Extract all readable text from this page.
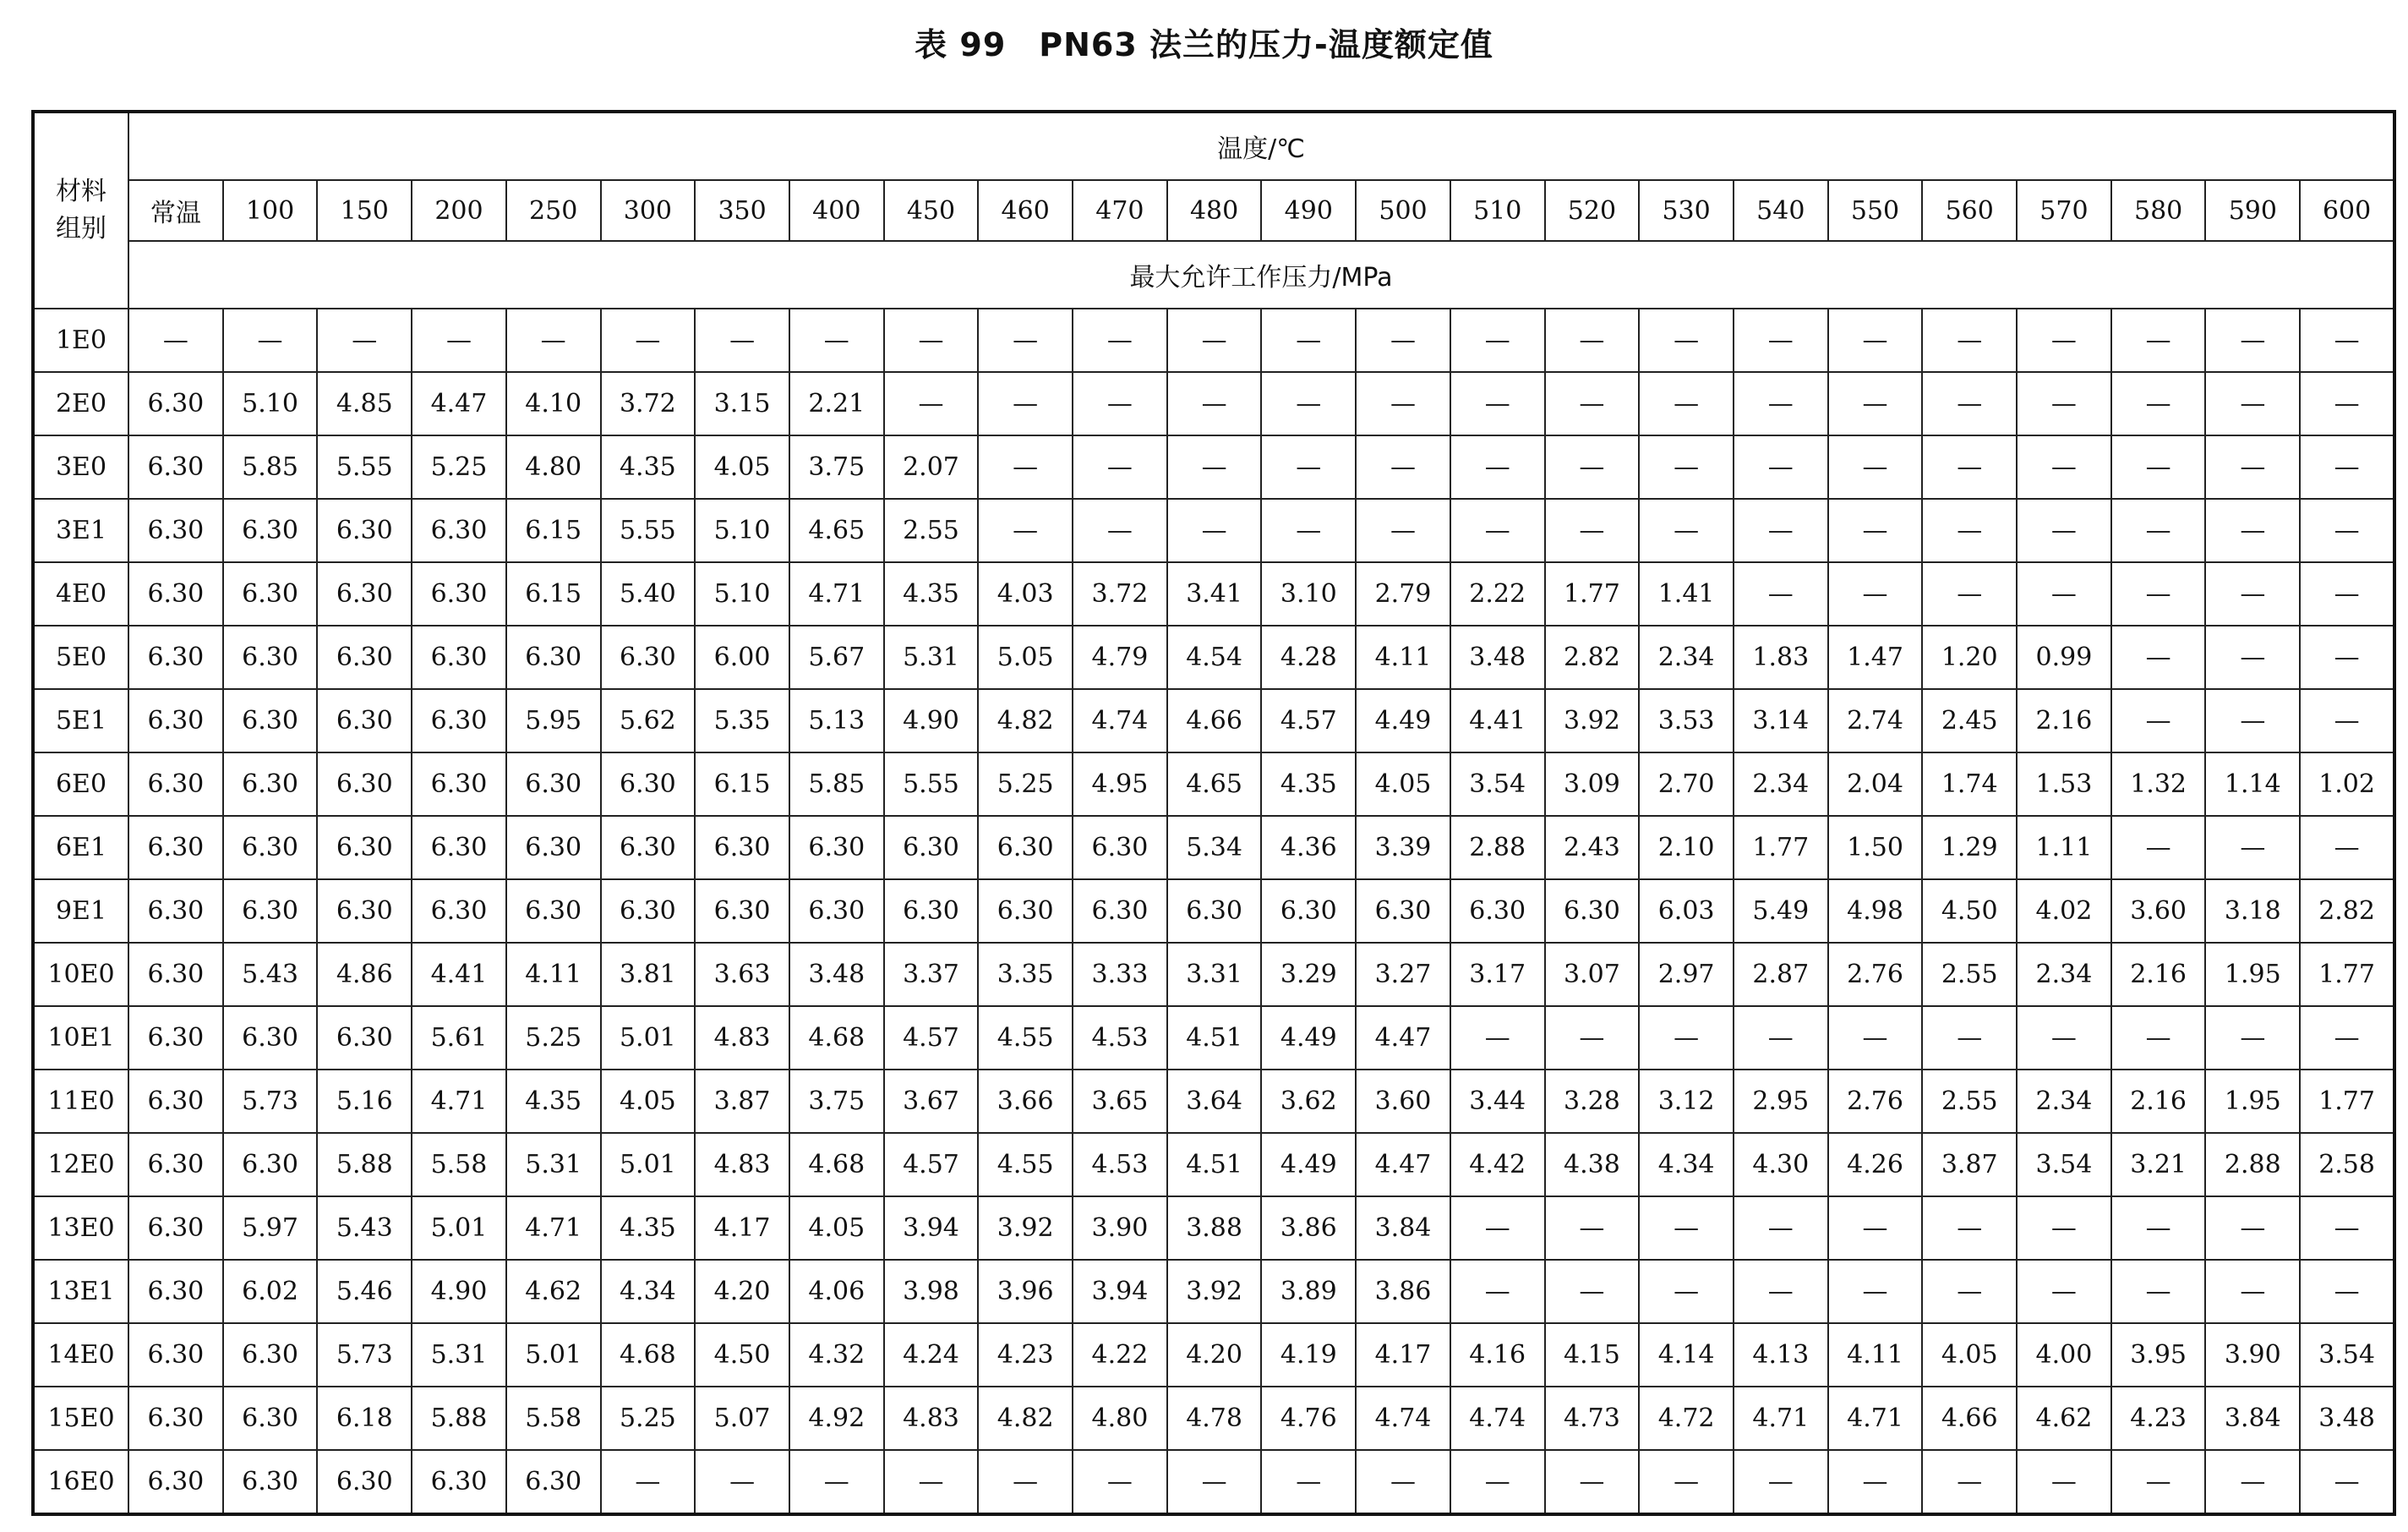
表 99　PN63 法兰的压力-温度额定值
材料组别	温度/℃																							
	常温	100	150	200	250	300	350	400	450	460	470	480	490	500	510	520	530	540	550	560	570	580	590	600
	最大允许工作压力/MPa																							
1E0	—	—	—	—	—	—	—	—	—	—	—	—	—	—	—	—	—	—	—	—	—	—	—	—
2E0	6.30	5.10	4.85	4.47	4.10	3.72	3.15	2.21	—	—	—	—	—	—	—	—	—	—	—	—	—	—	—	—
3E0	6.30	5.85	5.55	5.25	4.80	4.35	4.05	3.75	2.07	—	—	—	—	—	—	—	—	—	—	—	—	—	—	—
3E1	6.30	6.30	6.30	6.30	6.15	5.55	5.10	4.65	2.55	—	—	—	—	—	—	—	—	—	—	—	—	—	—	—
4E0	6.30	6.30	6.30	6.30	6.15	5.40	5.10	4.71	4.35	4.03	3.72	3.41	3.10	2.79	2.22	1.77	1.41	—	—	—	—	—	—	—
5E0	6.30	6.30	6.30	6.30	6.30	6.30	6.00	5.67	5.31	5.05	4.79	4.54	4.28	4.11	3.48	2.82	2.34	1.83	1.47	1.20	0.99	—	—	—
5E1	6.30	6.30	6.30	6.30	5.95	5.62	5.35	5.13	4.90	4.82	4.74	4.66	4.57	4.49	4.41	3.92	3.53	3.14	2.74	2.45	2.16	—	—	—
6E0	6.30	6.30	6.30	6.30	6.30	6.30	6.15	5.85	5.55	5.25	4.95	4.65	4.35	4.05	3.54	3.09	2.70	2.34	2.04	1.74	1.53	1.32	1.14	1.02
6E1	6.30	6.30	6.30	6.30	6.30	6.30	6.30	6.30	6.30	6.30	6.30	5.34	4.36	3.39	2.88	2.43	2.10	1.77	1.50	1.29	1.11	—	—	—
9E1	6.30	6.30	6.30	6.30	6.30	6.30	6.30	6.30	6.30	6.30	6.30	6.30	6.30	6.30	6.30	6.30	6.03	5.49	4.98	4.50	4.02	3.60	3.18	2.82
10E0	6.30	5.43	4.86	4.41	4.11	3.81	3.63	3.48	3.37	3.35	3.33	3.31	3.29	3.27	3.17	3.07	2.97	2.87	2.76	2.55	2.34	2.16	1.95	1.77
10E1	6.30	6.30	6.30	5.61	5.25	5.01	4.83	4.68	4.57	4.55	4.53	4.51	4.49	4.47	—	—	—	—	—	—	—	—	—	—
11E0	6.30	5.73	5.16	4.71	4.35	4.05	3.87	3.75	3.67	3.66	3.65	3.64	3.62	3.60	3.44	3.28	3.12	2.95	2.76	2.55	2.34	2.16	1.95	1.77
12E0	6.30	6.30	5.88	5.58	5.31	5.01	4.83	4.68	4.57	4.55	4.53	4.51	4.49	4.47	4.42	4.38	4.34	4.30	4.26	3.87	3.54	3.21	2.88	2.58
13E0	6.30	5.97	5.43	5.01	4.71	4.35	4.17	4.05	3.94	3.92	3.90	3.88	3.86	3.84	—	—	—	—	—	—	—	—	—	—
13E1	6.30	6.02	5.46	4.90	4.62	4.34	4.20	4.06	3.98	3.96	3.94	3.92	3.89	3.86	—	—	—	—	—	—	—	—	—	—
14E0	6.30	6.30	5.73	5.31	5.01	4.68	4.50	4.32	4.24	4.23	4.22	4.20	4.19	4.17	4.16	4.15	4.14	4.13	4.11	4.05	4.00	3.95	3.90	3.54
15E0	6.30	6.30	6.18	5.88	5.58	5.25	5.07	4.92	4.83	4.82	4.80	4.78	4.76	4.74	4.74	4.73	4.72	4.71	4.71	4.66	4.62	4.23	3.84	3.48
16E0	6.30	6.30	6.30	6.30	6.30	—	—	—	—	—	—	—	—	—	—	—	—	—	—	—	—	—	—	—
